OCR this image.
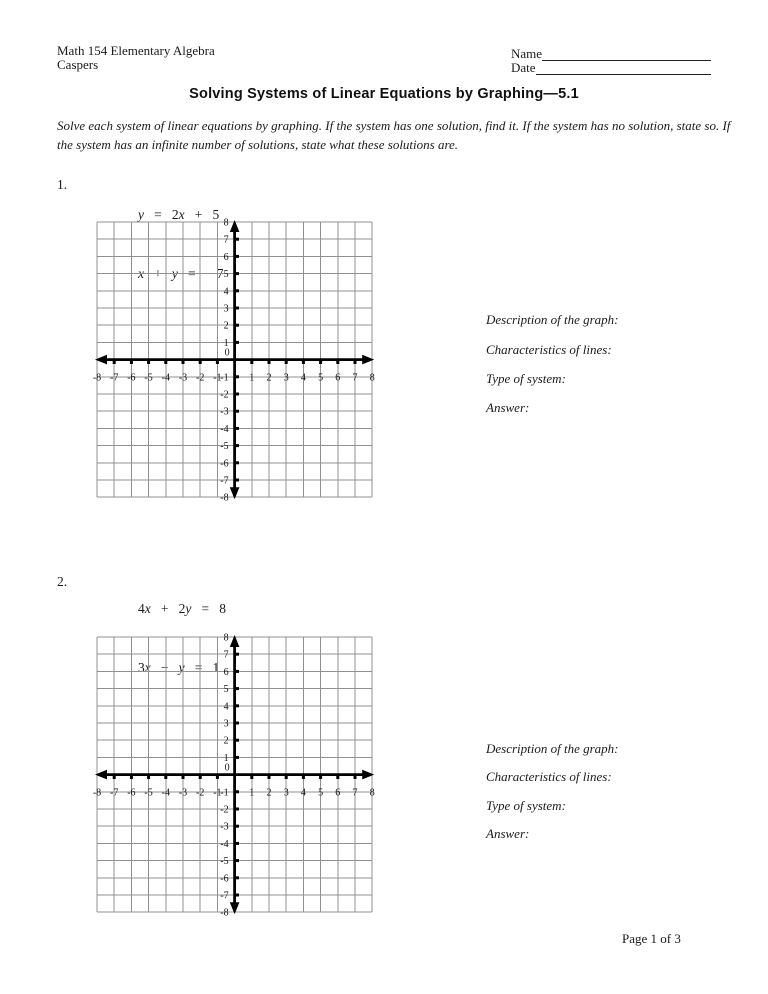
Math 154 Elementary Algebra
Caspers
Name
Date
Solving Systems of Linear Equations by Graphing—5.1
Solve each system of linear equations by graphing. If the system has one solution, find it. If the system has no solution, state so. If
the system has an infinite number of solutions, state what these solutions are.
1.

y   =   2x   +   5

x   +   y   =   − 7

-8 -7 -6 -5 -4 -3 -2 -1	1 2 3 4 5 6 7 8
8
7
6
5
4
3
2
1
-1
-2
-3
-4
-5
-6
-7
-8
0
Description of the graph:
Characteristics of lines:
Type of system:
Answer:
2.

4x   +   2y   =   8

3x   −   y   =   1

-8 -7 -6 -5 -4 -3 -2 -1	1 2 3 4 5 6 7 8
8
7
6
5
4
3
2
1
-1
-2
-3
-4
-5
-6
-7
-8
0
Description of the graph:
Characteristics of lines:
Type of system:
Answer:
Page 1 of 3
